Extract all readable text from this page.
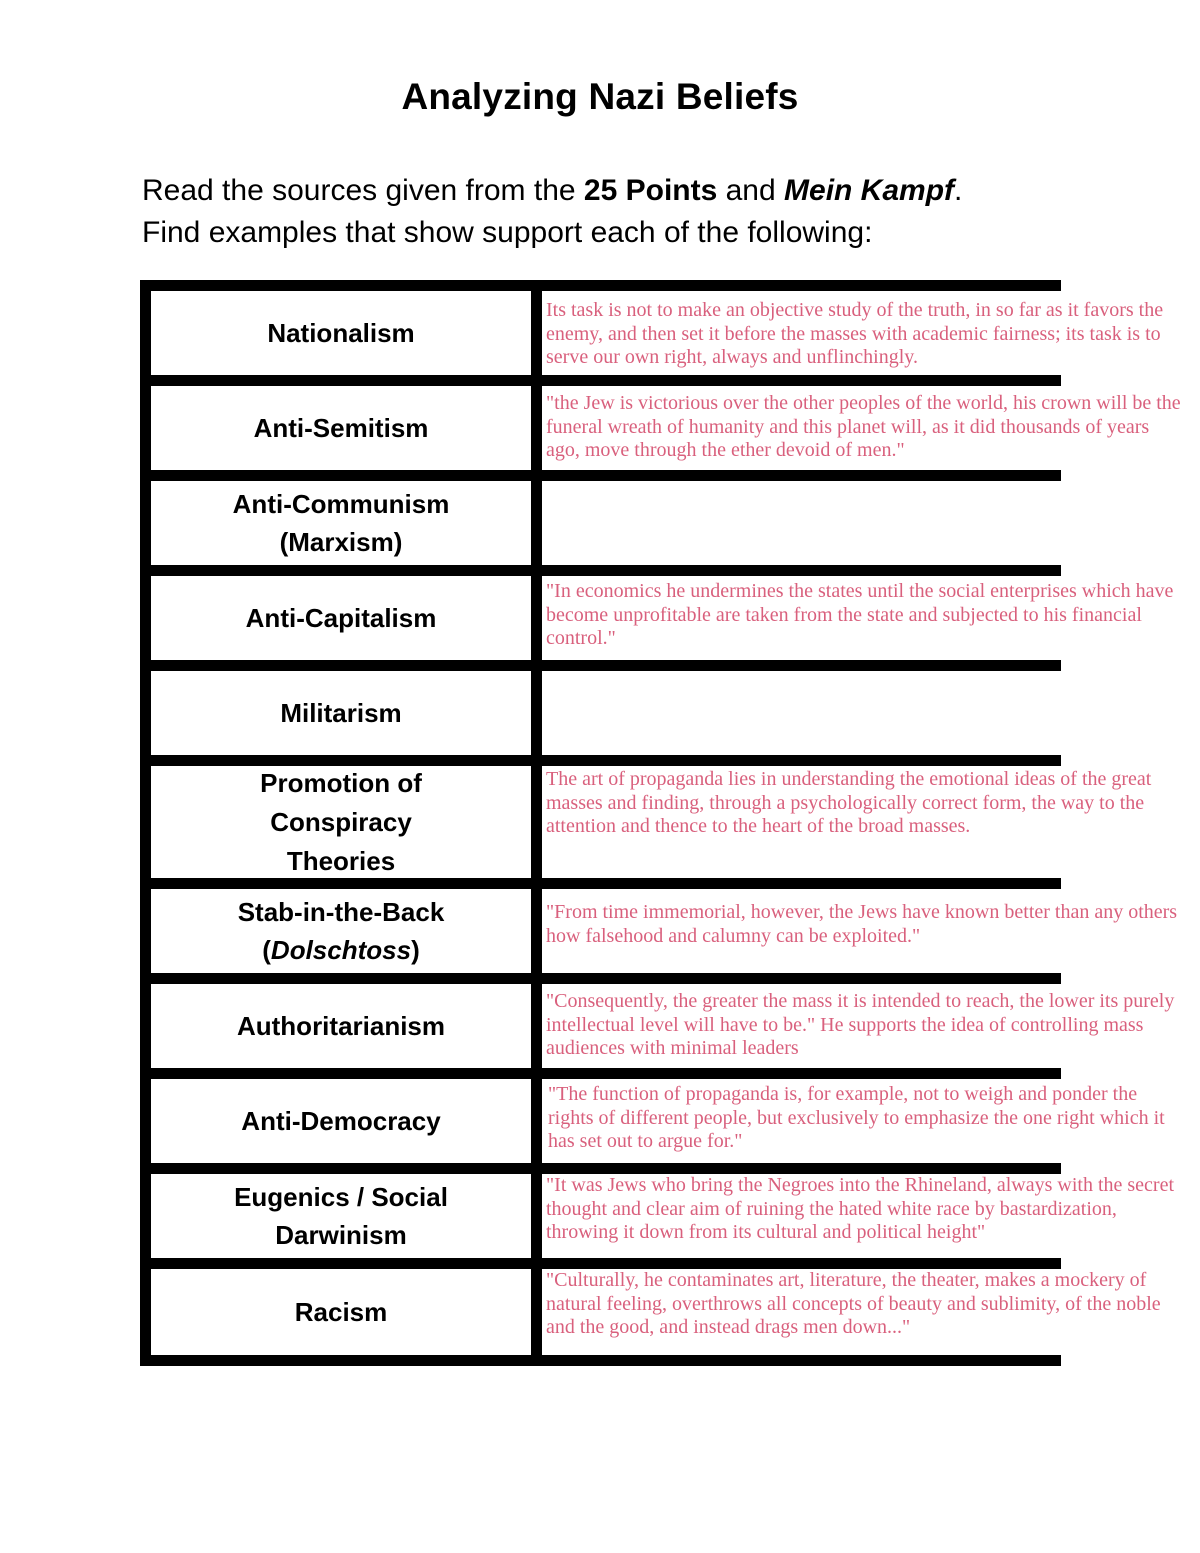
Analyzing Nazi Beliefs
Read the sources given from the 25 Points and Mein Kampf.
Find examples that show support each of the following:
Nationalism
Its task is not to make an objective study of the truth, in so far as it favors the enemy, and then set it before the masses with academic fairness; its task is to serve our own right, always and unflinchingly.
Anti-Semitism
"the Jew is victorious over the other peoples of the world, his crown will be the funeral wreath of humanity and this planet will, as it did thousands of years ago, move through the ether devoid of men."
Anti-Communism
(Marxism)
Anti-Capitalism
"In economics he undermines the states until the social enterprises which have become unprofitable are taken from the state and subjected to his financial control."
Militarism
Promotion of
Conspiracy
Theories
The art of propaganda lies in understanding the emotional ideas of the great masses and finding, through a psychologically correct form, the way to the attention and thence to the heart of the broad masses.
Stab-in-the-Back
(Dolschtoss)
"From time immemorial, however, the Jews have known better than any others how falsehood and calumny can be exploited."
Authoritarianism
"Consequently, the greater the mass it is intended to reach, the lower its purely intellectual level will have to be." He supports the idea of controlling mass audiences with minimal leaders
Anti-Democracy
"The function of propaganda is, for example, not to weigh and ponder the rights of different people, but exclusively to emphasize the one right which it has set out to argue for."
Eugenics / Social
Darwinism
"It was Jews who bring the Negroes into the Rhineland, always with the secret thought and clear aim of ruining the hated white race by bastardization, throwing it down from its cultural and political height"
Racism
"Culturally, he contaminates art, literature, the theater, makes a mockery of natural feeling, overthrows all concepts of beauty and sublimity, of the noble and the good, and instead drags men down..."
